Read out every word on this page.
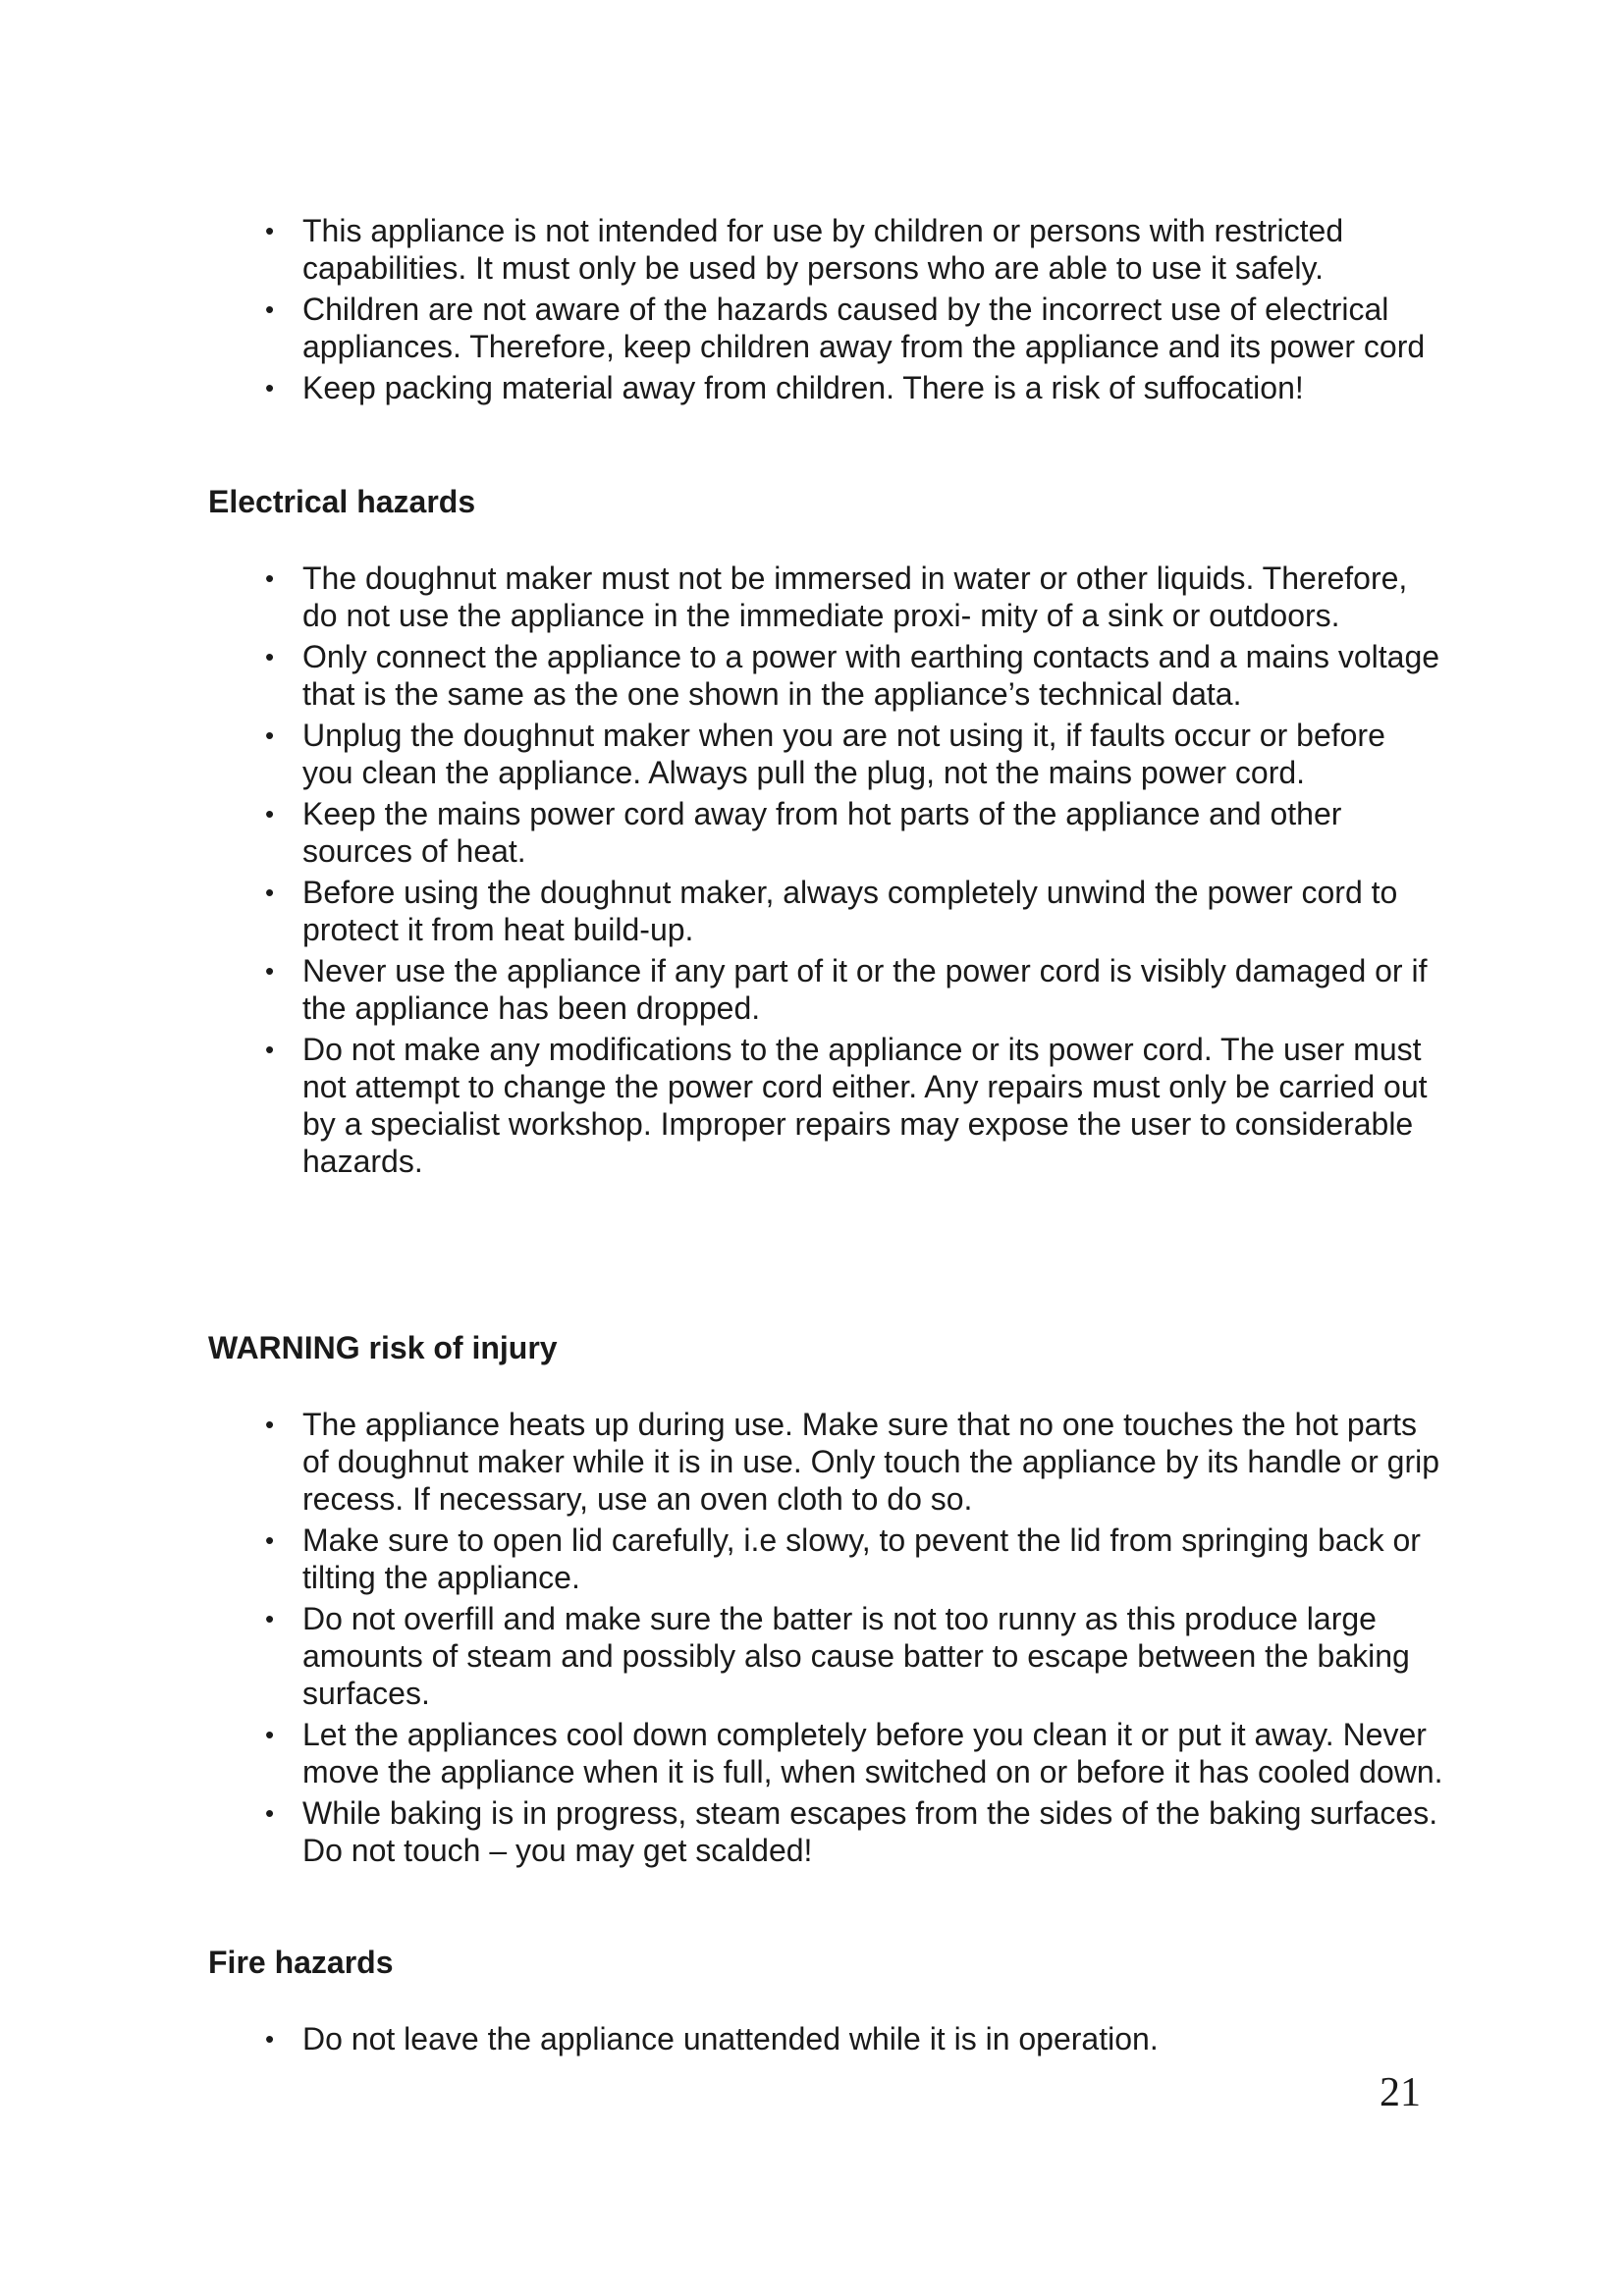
• This appliance is not intended for use by children or persons with restricted capabilities. It must only be used by persons who are able to use it safely.
• Children are not aware of the hazards caused by the incorrect use of electrical appliances. Therefore, keep children away from the appliance and its power cord
• Keep packing material away from children. There is a risk of suffocation!
Electrical hazards
• The doughnut maker must not be immersed in water or other liquids. Therefore, do not use the appliance in the immediate proxi- mity of a sink or outdoors.
• Only connect the appliance to a power with earthing contacts and a mains voltage that is the same as the one shown in the appliance’s technical data.
• Unplug the doughnut maker when you are not using it, if faults occur or before you clean the appliance. Always pull the plug, not the mains power cord.
• Keep the mains power cord away from hot parts of the appliance and other sources of heat.
• Before using the doughnut maker, always completely unwind the power cord to protect it from heat build-up.
• Never use the appliance if any part of it or the power cord is visibly damaged or if the appliance has been dropped.
• Do not make any modifications to the appliance or its power cord. The user must not attempt to change the power cord either. Any repairs must only be carried out by a specialist workshop. Improper repairs may expose the user to considerable hazards.
WARNING risk of injury
• The appliance heats up during use. Make sure that no one touches the hot parts of doughnut maker while it is in use. Only touch the appliance by its handle or grip recess. If necessary, use an oven cloth to do so.
• Make sure to open lid carefully, i.e slowy, to pevent the lid from springing back or tilting the appliance.
• Do not overfill and make sure the batter is not too runny as this produce large amounts of steam and possibly also cause batter to escape between the baking surfaces.
• Let the appliances cool down completely before you clean it or put it away. Never move the appliance when it is full, when switched on or before it has cooled down.
• While baking is in progress, steam escapes from the sides of the baking surfaces. Do not touch – you may get scalded!
Fire hazards
• Do not leave the appliance unattended while it is in operation.
21
